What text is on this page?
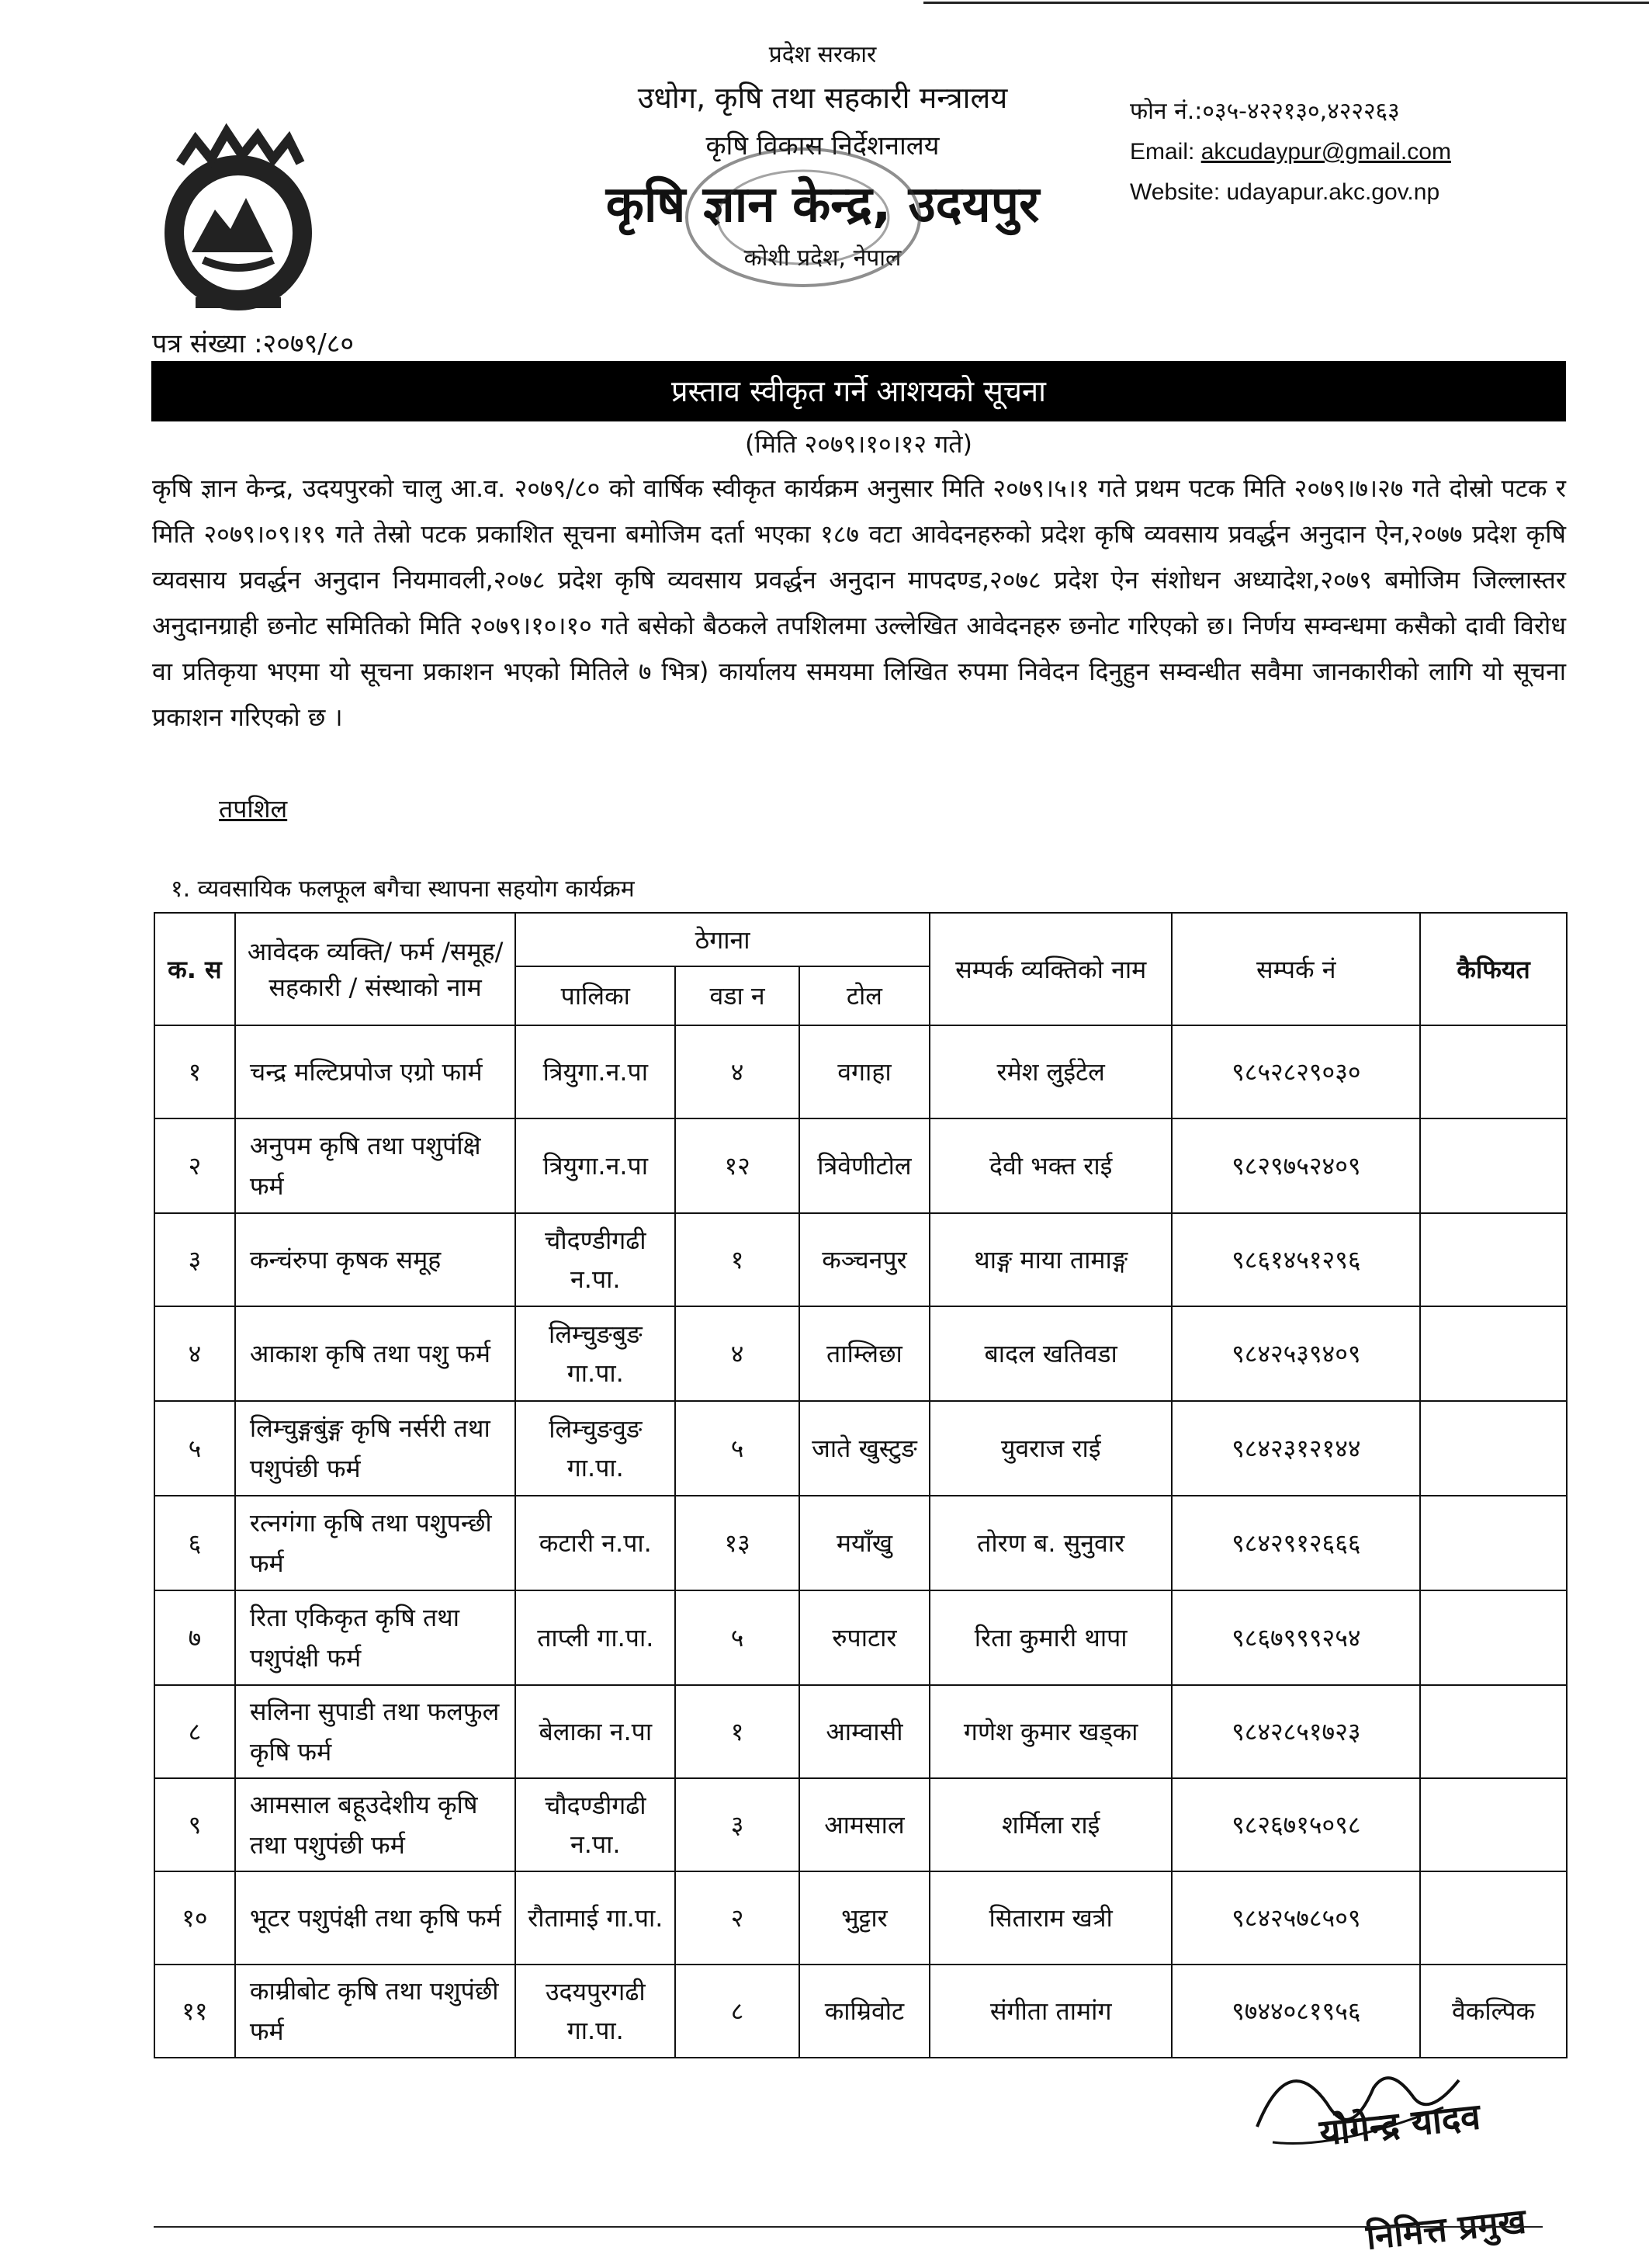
प्रदेश सरकार
उधोग, कृषि तथा सहकारी मन्त्रालय
कृषि विकास निर्देशनालय
कृषि ज्ञान केन्द्र, उदयपुर
कोशी प्रदेश, नेपाल
फोन नं.:०३५-४२२१३०,४२२२६३
Email: akcudaypur@gmail.com
Website: udayapur.akc.gov.np
पत्र संख्या :२०७९/८०
प्रस्ताव स्वीकृत गर्ने आशयको सूचना
(मिति २०७९।१०।१२ गते)
कृषि ज्ञान केन्द्र, उदयपुरको चालु आ.व. २०७९/८० को वार्षिक स्वीकृत कार्यक्रम अनुसार मिति २०७९।५।१ गते प्रथम पटक मिति २०७९।७।२७ गते दोस्रो पटक र मिति २०७९।०९।१९ गते तेस्रो पटक प्रकाशित सूचना बमोजिम दर्ता भएका १८७ वटा आवेदनहरुको प्रदेश कृषि व्यवसाय प्रवर्द्धन अनुदान ऐन,२०७७ प्रदेश कृषि व्यवसाय प्रवर्द्धन अनुदान नियमावली,२०७८ प्रदेश कृषि व्यवसाय प्रवर्द्धन अनुदान मापदण्ड,२०७८ प्रदेश ऐन संशोधन अध्यादेश,२०७९ बमोजिम जिल्लास्तर अनुदानग्राही छनोट समितिको मिति २०७९।१०।१० गते बसेको बैठकले तपशिलमा उल्लेखित आवेदनहरु छनोट गरिएको छ। निर्णय सम्वन्धमा कसैको दावी विरोध वा प्रतिकृया भएमा यो सूचना प्रकाशन भएको मितिले ७ भित्र) कार्यालय समयमा लिखित रुपमा निवेदन दिनुहुन सम्वन्धीत सवैमा जानकारीको लागि यो सूचना प्रकाशन गरिएको छ ।
तपशिल
१. व्यवसायिक फलफूल बगैचा स्थापना सहयोग कार्यक्रम
क. स	आवेदक व्यक्ति/ फर्म /समूह/ सहकारी / संस्थाको नाम	ठेगाना			सम्पर्क व्यक्तिको नाम	सम्पर्क नं	कैफियत
		पालिका	वडा न	टोल			
१	चन्द्र मल्टिप्रपोज एग्रो फार्म	त्रियुगा.न.पा	४	वगाहा	रमेश लुईटेल	९८५२८२९०३०	
२	अनुपम कृषि तथा पशुपंक्षि फर्म	त्रियुगा.न.पा	१२	त्रिवेणीटोल	देवी भक्त राई	९८२९७५२४०९	
३	कन्चंरुपा कृषक समूह	चौदण्डीगढी न.पा.	१	कञ्चनपुर	थाङ्ग माया तामाङ्ग	९८६१४५१२९६	
४	आकाश कृषि तथा पशु फर्म	लिम्चुङबुङ गा.पा.	४	ताम्लिछा	बादल खतिवडा	९८४२५३९४०९	
५	लिम्चुङ्गबुंङ्ग कृषि नर्सरी तथा पशुपंछी फर्म	लिम्चुङवुङ गा.पा.	५	जाते खुस्टुङ	युवराज राई	९८४२३१२१४४	
६	रत्नगंगा कृषि तथा पशुपन्छी फर्म	कटारी न.पा.	१३	मयाँखु	तोरण ब. सुनुवार	९८४२९१२६६६	
७	रिता एकिकृत कृषि तथा पशुपंक्षी फर्म	ताप्ली गा.पा.	५	रुपाटार	रिता कुमारी थापा	९८६७९९९२५४	
८	सलिना सुपाडी तथा फलफुल कृषि फर्म	बेलाका न.पा	१	आम्वासी	गणेश कुमार खड्का	९८४२८५१७२३	
९	आमसाल बहूउदेशीय कृषि तथा पशुपंछी फर्म	चौदण्डीगढी न.पा.	३	आमसाल	शर्मिला राई	९८२६७१५०९८	
१०	भूटर पशुपंक्षी तथा कृषि फर्म	रौतामाई गा.पा.	२	भुट्टार	सिताराम खत्री	९८४२५७८५०९	
११	काम्रीबोट कृषि तथा पशुपंछी फर्म	उदयपुरगढी गा.पा.	८	काम्रिवोट	संगीता तामांग	९७४४०८१९५६	वैकल्पिक
योगेन्द्र यादव
निमित्त प्रमुख
